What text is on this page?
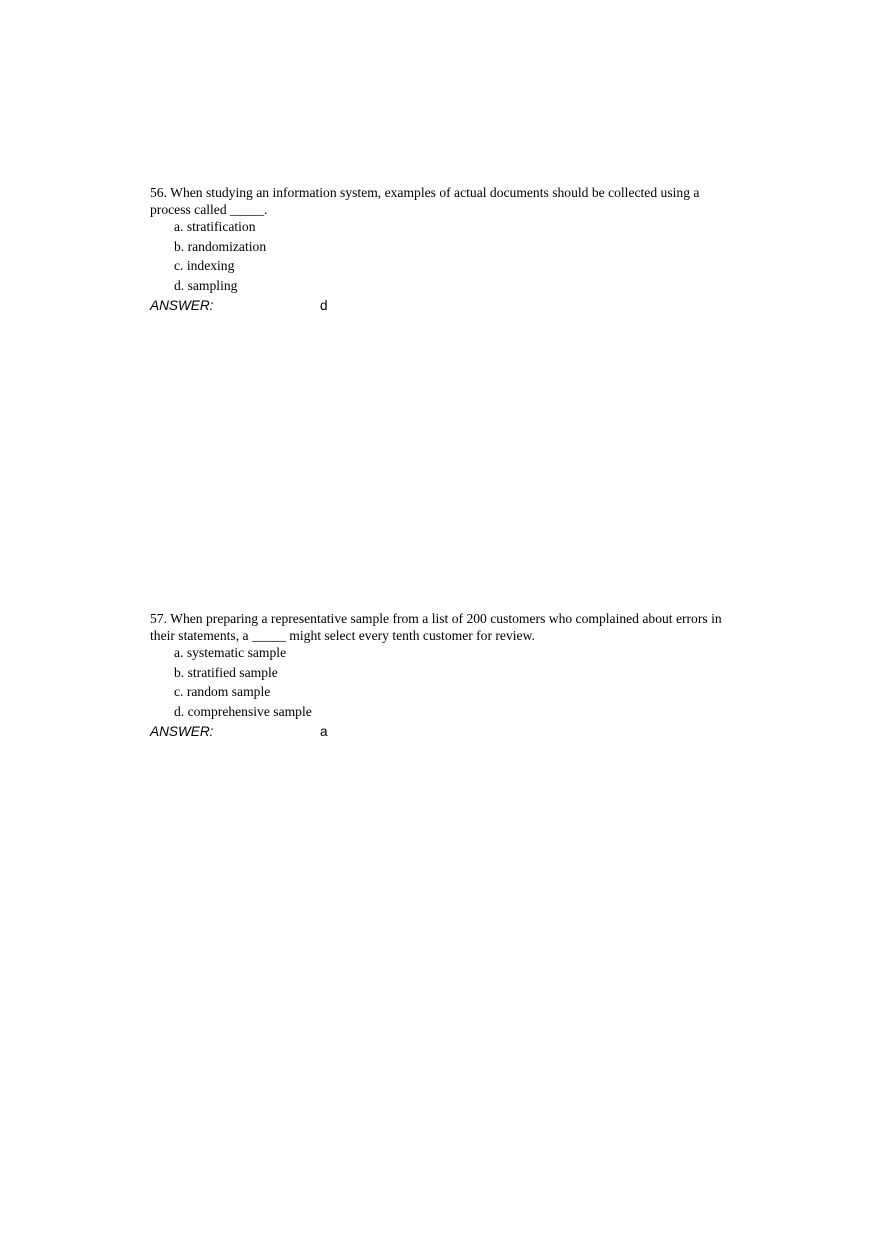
56. When studying an information system, examples of actual documents should be collected using a process called _____.

a. stratification
b. randomization
c. indexing
d. sampling
ANSWER:	d

57. When preparing a representative sample from a list of 200 customers who complained about errors in their statements, a _____ might select every tenth customer for review.

a. systematic sample
b. stratified sample
c. random sample
d. comprehensive sample
ANSWER:	a
